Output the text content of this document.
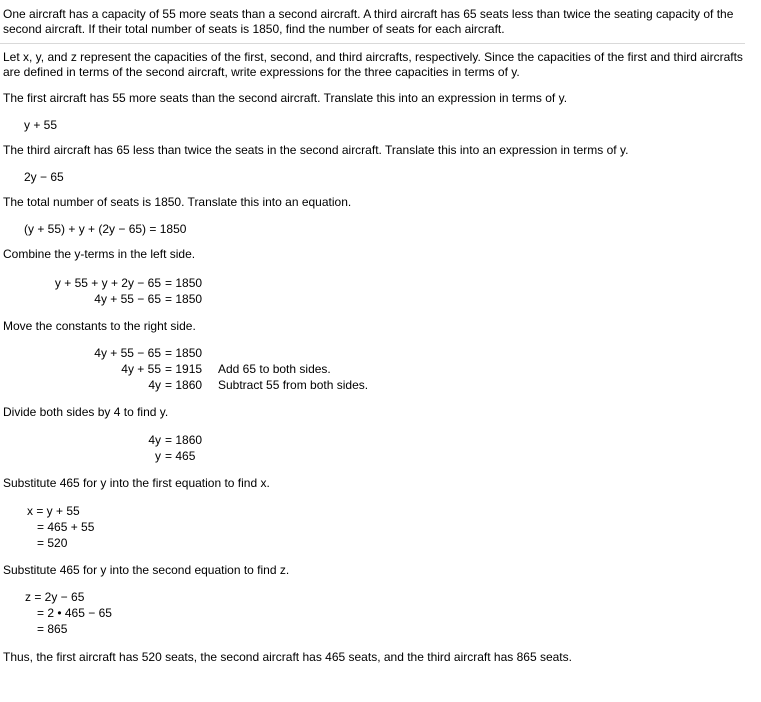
One aircraft has a capacity of 55 more seats than a second aircraft. A third aircraft has 65 seats less than twice the seating capacity of the second aircraft. If their total number of seats is 1850, find the number of seats for each aircraft.
Let x, y, and z represent the capacities of the first, second, and third aircrafts, respectively. Since the capacities of the first and third aircrafts are defined in terms of the second aircraft, write expressions for the three capacities in terms of y.
The first aircraft has 55 more seats than the second aircraft. Translate this into an expression in terms of y.
y + 55
The third aircraft has 65 less than twice the seats in the second aircraft. Translate this into an expression in terms of y.
2y − 65
The total number of seats is 1850. Translate this into an equation.
(y + 55) + y + (2y − 65) = 1850
Combine the y-terms in the left side.
y + 55 + y + 2y − 65 = 1850
4y + 55 − 65 = 1850
Move the constants to the right side.
4y + 55 − 65 = 1850
4y + 55 = 1915 Add 65 to both sides.
4y = 1860 Subtract 55 from both sides.
Divide both sides by 4 to find y.
4y = 1860
y = 465
Substitute 465 for y into the first equation to find x.
x = y + 55
= 465 + 55
= 520
Substitute 465 for y into the second equation to find z.
z = 2y − 65
= 2 • 465 − 65
= 865
Thus, the first aircraft has 520 seats, the second aircraft has 465 seats, and the third aircraft has 865 seats.
